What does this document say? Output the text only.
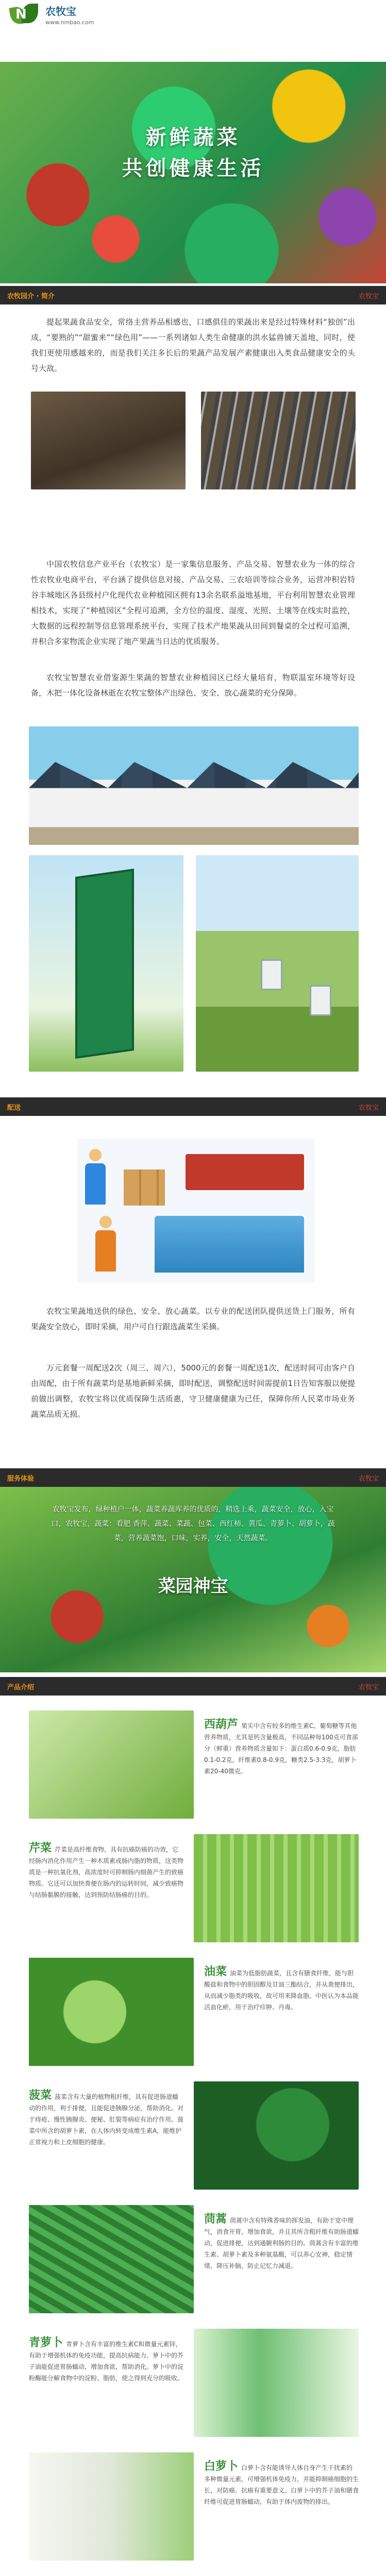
N 农牧宝
www.nmbao.com
新鲜蔬菜
共创健康生活
农牧园介 · 简介	农牧宝

提起果蔬食品安全，常络主营养品相感也，口感俱佳的果蔬出来是经过特殊材料“独创”出成，“要熟的”“甜蜜来”“绿色用”——一系列诸如人类生命健康的洪水猛兽铺天盖地，同时，使我们更使用感越来的，而是我们关注多长后的果蔬产品发展产素健康出入类食品健康安全的头号大敌。

中国农牧信息产业平台（农牧宝）是一家集信息服务、产品交易、智慧农业为一体的综合性农牧业电商平台，平台涵了提供信息对接、产品交易、三农培训等综合业务，运营冲积岩特谷丰城地区各县级村户化现代农业种植园区拥有13余名联系溢地基地，平台利用智慧农业管理相技术，实现了“种植园区”全程可追溯，全方位的温度、湿度、光照、土壤等在线实时监控，大数据的远程控制等信息管理系统平台，实现了技术产地果蔬从田间到餐桌的全过程可追溯，并积合多家物流企业实现了地产果蔬当日达的优质服务。

农牧宝智慧农业借鉴源生果蔬的智慧农业种植园区已经大量培育，物联温室环境等好设备，木把一体化设备林逝在农牧宝整体产出绿色、安全、放心蔬菜的充分保障。

配送	农牧宝

农牧宝果蔬地送供的绿色、安全、放心蔬菜。以专业的配送团队提供送货上门服务，所有果蔬安全放心，即时采摘，用户可自行跟选蔬菜生采摘。

万元套餐一周配送2次（周三、周六），5000元的套餐一周配送1次，配送时间可由客户自由周配，由于所有蔬菜均是基地新鲜采摘，即时配送，调整配送时间需提前1日告知客服以便提前做出调整，农牧宝将以优质保障生活质惠，守卫健康健康为已任，保障你所人民菜市场业务蔬菜品质无损。

服务体验	农牧宝
农牧宝发布，绿种植户一体，蔬菜养蔬库养的优质的，精选上乘，蔬菜安全，放心，入宝口，农牧宝，蔬菜：看肥 香萍、蔬菜、菜蔬、包菜、西红柿、黄瓜、青萝卜、胡萝卜，蔬菜，营养蔬菜饱，口味，实养，安全，天然蔬菜。
菜园神宝
产品介绍	农牧宝
西葫芦 果实中含有较多的维生素C、葡萄糖等其他营养物质，尤其是钙含量极高，不同品种每100克可食部分（鲜重）营养物质含量如下：蛋白质0.6-0.9克，脂肪0.1-0.2克，纤维素0.8-0.9克，糖类2.5-3.3克，胡萝卜素20-40微克。
芹菜 芹菜是高纤维食物，具有抗癌防癌的功效，它经肠内消化作用产生一种木质素或肠内脂的物质，这类物质是一种抗氧化剂，高浓度时可抑制肠内细菌产生的致癌物质。它还可以加快粪便在肠内的运转时间，减少致癌物与结肠黏膜的接触，达到预防结肠癌的目的。
油菜 油菜为低脂肪蔬菜，且含有膳食纤维，能与胆酸盐和食物中的胆固醇及甘油三酯结合，并从粪便排出，从而减少脂类的吸收，故可用来降血脂。中医认为本品能活血化瘀，用于治疗疖肿、丹毒。
菠菜 菠菜含有大量的植物粗纤维，具有促进肠道蠕动的作用，利于排便，且能促进胰腺分泌，帮助消化。对于痔疮、慢性胰腺炎、便秘、肛裂等病症有治疗作用。菠菜中所含的胡萝卜素，在人体内转变成维生素A，能维护正常视力和上皮细胞的健康。
茼蒿 茼蒿中含有特殊香味的挥发油，有助于宽中理气，消食开胃，增加食欲，并且其所含粗纤维有助肠道蠕动，促进排便，达到通腑利肠的目的。茼蒿含有丰富的维生素、胡萝卜素及多种氨基酸，可以养心安神，稳定情绪，降压补脑，防止记忆力减退。
青萝卜 青萝卜含有丰富的维生素C和微量元素锌，有助于增强机体的免疫功能，提高抗病能力。萝卜中的芥子油能促进胃肠蠕动，增加食欲，帮助消化。萝卜中的淀粉酶能分解食物中的淀粉、脂肪，使之得到充分的吸收。
白萝卜 白萝卜含有能诱导人体自身产生干扰素的多种微量元素，可增强机体免疫力，并能抑制癌细胞的生长，对防癌、抗癌有重要意义。白萝卜中的芥子油和膳食纤维可促进胃肠蠕动，有助于体内废物的排出。
